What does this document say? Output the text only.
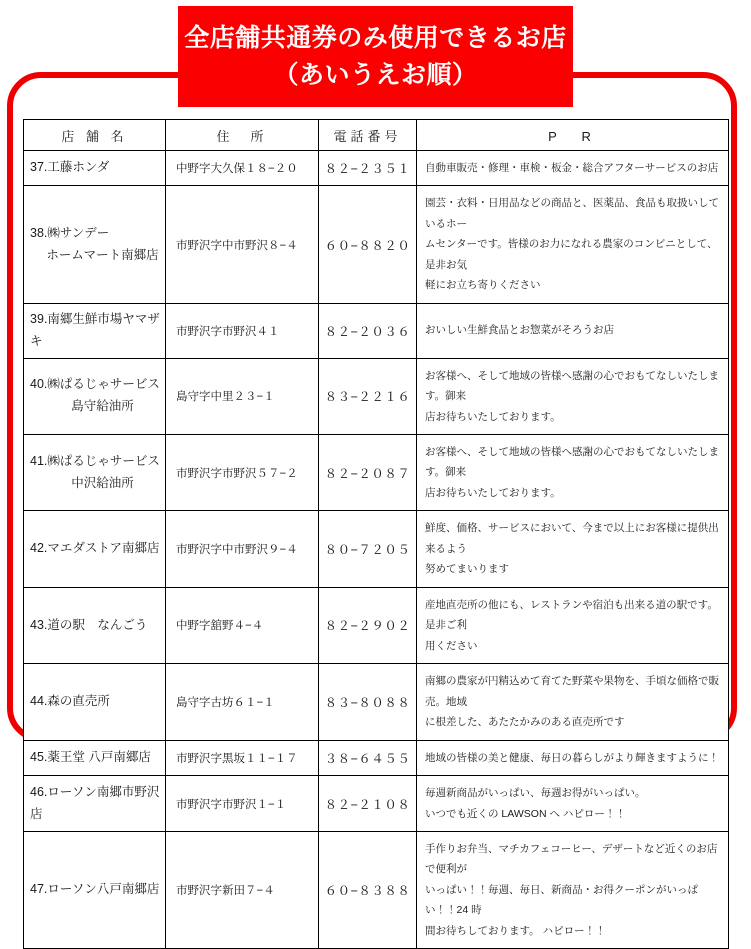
全店舗共通券のみ使用できるお店
（あいうえお順）
店 舗 名	住　所	電話番号	P　R

37.工藤ホンダ	中野字大久保１８−２０	８２−２３５１	自動車販売・修理・車検・板金・総合アフターサービスのお店

38.㈱サンデー
ホームマート南郷店	市野沢字中市野沢８−４	６０−８８２０	園芸・衣料・日用品などの商品と、医薬品、食品も取扱いしているホー
ムセンターです。皆様のお力になれる農家のコンビニとして、是非お気
軽にお立ち寄りください

39.南郷生鮮市場ヤマザキ	市野沢字市野沢４１	８２−２０３６	おいしい生鮮食品とお惣菜がそろうお店

40.㈱ぱるじゃサービス
島守給油所	島守字中里２３−１	８３−２２１６	お客様へ、そして地域の皆様へ感謝の心でおもてなしいたします。御来
店お待ちいたしております。

41.㈱ぱるじゃサービス
中沢給油所	市野沢字市野沢５７−２	８２−２０８７	お客様へ、そして地域の皆様へ感謝の心でおもてなしいたします。御来
店お待ちいたしております。

42.マエダストア南郷店	市野沢字中市野沢９−４	８０−７２０５	鮮度、価格、サービスにおいて、今まで以上にお客様に提供出来るよう
努めてまいります

43.道の駅　なんごう	中野字舘野４−４	８２−２９０２	産地直売所の他にも、レストランや宿泊も出来る道の駅です。是非ご利
用ください

44.森の直売所	島守字古坊６１−１	８３−８０８８	南郷の農家が円精込めて育てた野菜や果物を、手頃な価格で販売。地域
に根差した、あたたかみのある直売所です

45.薬王堂 八戸南郷店	市野沢字黒坂１１−１７	３８−６４５５	地域の皆様の美と健康、毎日の暮らしがより輝きますように！

46.ローソン南郷市野沢店	市野沢字市野沢１−１	８２−２１０８	毎週新商品がいっぱい、毎週お得がいっぱい。
いつでも近くの LAWSON へ ハピロー！！

47.ローソン八戸南郷店	市野沢字新田７−４	６０−８３８８	手作りお弁当、マチカフェコーヒー、デザートなど近くのお店で便利が
いっぱい！！毎週、毎日、新商品・お得クーポンがいっぱい！！24 時
間お待ちしております。 ハピロー！！
